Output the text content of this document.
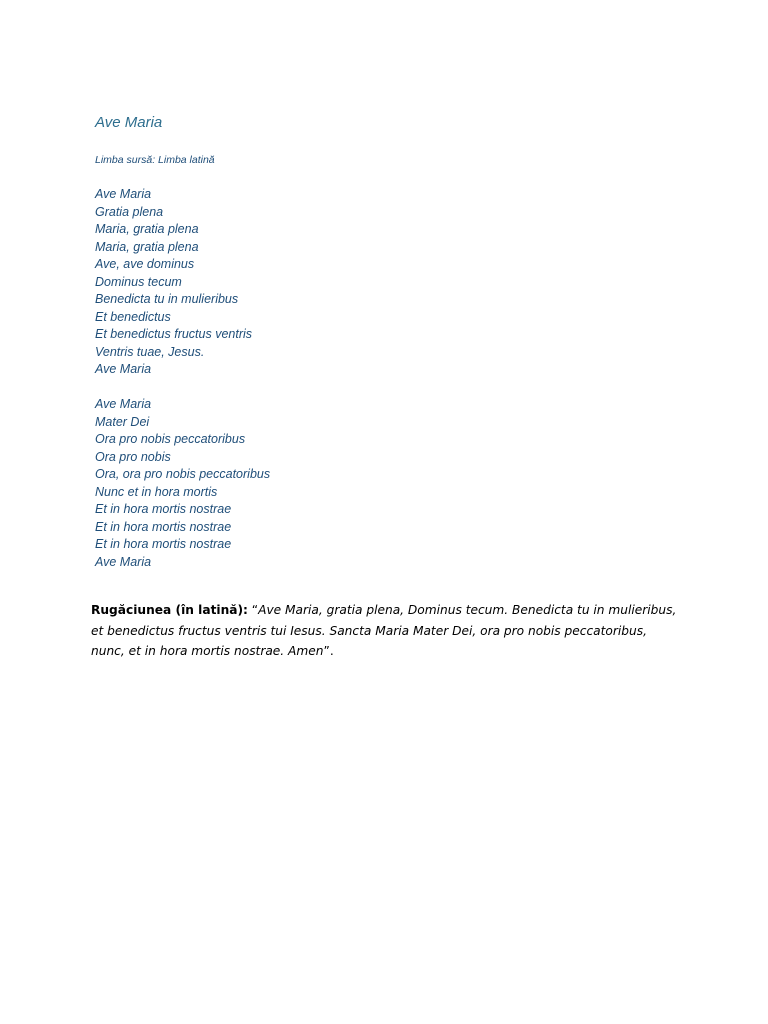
Ave Maria

Limba sursă: Limba latină

Ave Maria
Gratia plena
Maria, gratia plena
Maria, gratia plena
Ave, ave dominus
Dominus tecum
Benedicta tu in mulieribus
Et benedictus
Et benedictus fructus ventris
Ventris tuae, Jesus.
Ave Maria
Ave Maria
Mater Dei
Ora pro nobis peccatoribus
Ora pro nobis
Ora, ora pro nobis peccatoribus
Nunc et in hora mortis
Et in hora mortis nostrae
Et in hora mortis nostrae
Et in hora mortis nostrae
Ave Maria

Rugăciunea (în latină): “Ave Maria, gratia plena, Dominus tecum. Benedicta tu in mulieribus,
et benedictus fructus ventris tui Iesus. Sancta Maria Mater Dei, ora pro nobis peccatoribus,
nunc, et in hora mortis nostrae. Amen”.
